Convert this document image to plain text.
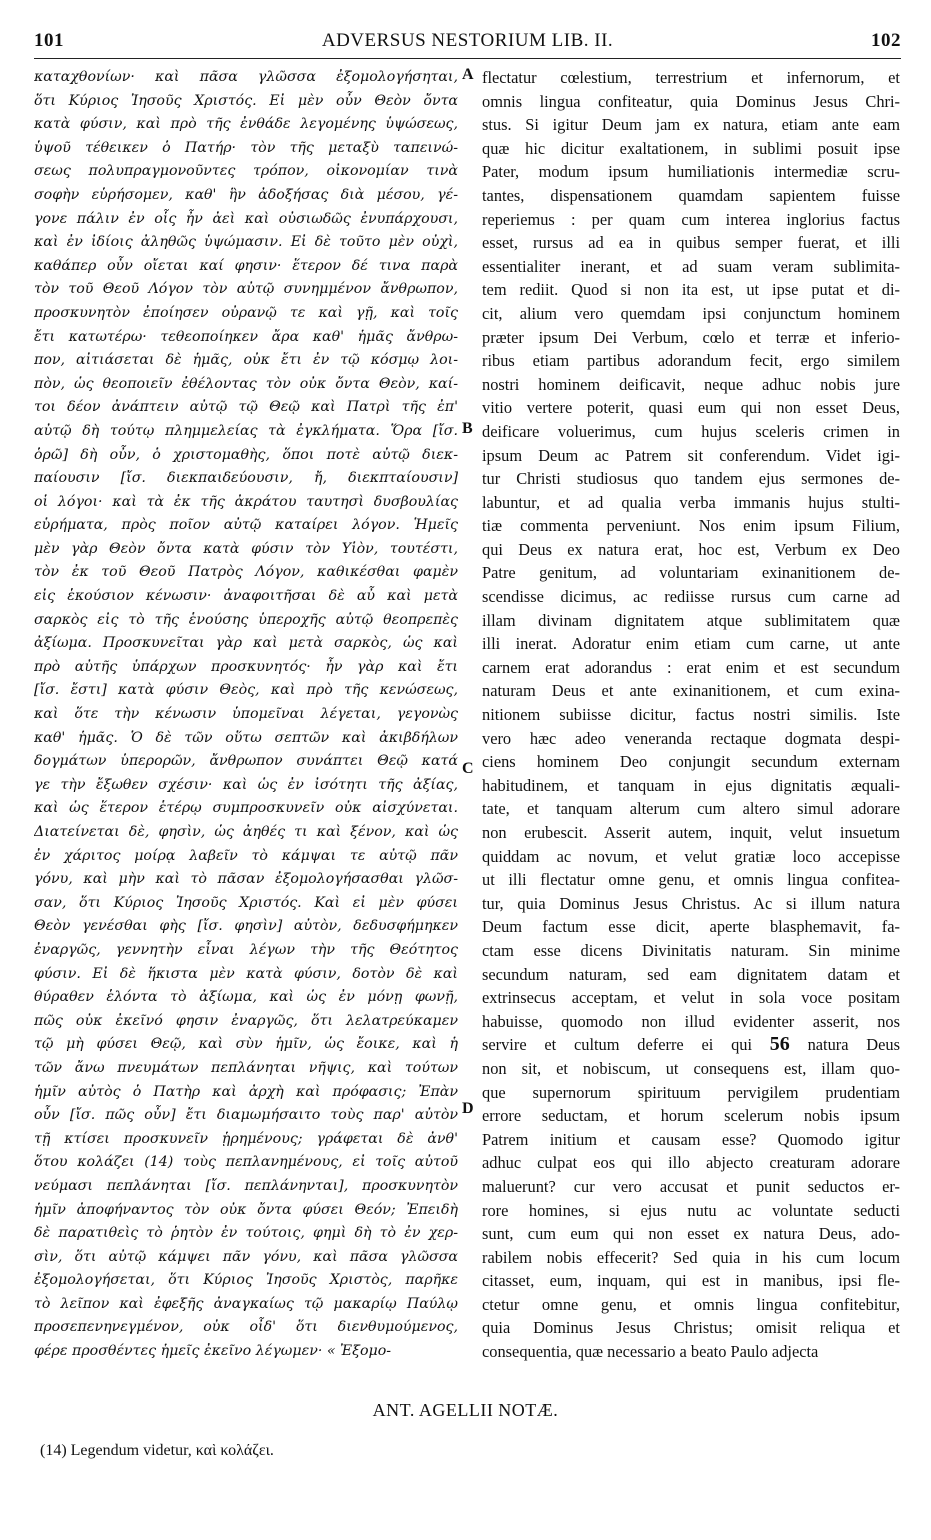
101	ADVERSUS NESTORIUM LIB. II.	102
καταχθονίων· καὶ πᾶσα γλῶσσα ἐξομολογήσηται,
ὅτι Κύριος Ἰησοῦς Χριστός. Εἰ μὲν οὖν Θεὸν ὄντα
κατὰ φύσιν, καὶ πρὸ τῆς ἐνθάδε λεγομένης ὑψώσεως,
ὑψοῦ τέθεικεν ὁ Πατήρ· τὸν τῆς μεταξὺ ταπεινώ-
σεως πολυπραγμονοῦντες τρόπον, οἰκονομίαν τινὰ
σοφὴν εὑρήσομεν, καθ' ἣν ἀδοξήσας διὰ μέσου, γέ-
γονε πάλιν ἐν οἷς ἦν ἀεὶ καὶ οὐσιωδῶς ἐνυπάρχουσι,
καὶ ἐν ἰδίοις ἀληθῶς ὑψώμασιν. Εἰ δὲ τοῦτο μὲν οὐχὶ,
καθάπερ οὖν οἴεται καί φησιν· ἕτερον δέ τινα παρὰ
τὸν τοῦ Θεοῦ Λόγον τὸν αὐτῷ συνημμένον ἄνθρωπον,
προσκυνητὸν ἐποίησεν οὐρανῷ τε καὶ γῇ, καὶ τοῖς
ἔτι κατωτέρω· τεθεοποίηκεν ἄρα καθ' ἡμᾶς ἄνθρω-
πον, αἰτιάσεται δὲ ἡμᾶς, οὐκ ἔτι ἐν τῷ κόσμῳ λοι-
πὸν, ὡς θεοποιεῖν ἐθέλοντας τὸν οὐκ ὄντα Θεὸν, καί-
τοι δέον ἀνάπτειν αὐτῷ τῷ Θεῷ καὶ Πατρὶ τῆς ἐπ'
αὐτῷ δὴ τούτῳ πλημμελείας τὰ ἐγκλήματα. Ὅρα [ἴσ.
ὁρῶ] δὴ οὖν, ὁ χριστομαθὴς, ὅποι ποτὲ αὐτῷ διεκ-
παίουσιν [ἴσ. διεκπαιδεύουσιν, ἤ, διεκπταίουσιν]
οἱ λόγοι· καὶ τὰ ἐκ τῆς ἀκράτου ταυτησὶ δυσβουλίας
εὑρήματα, πρὸς ποῖον αὐτῷ καταίρει λόγον. Ἡμεῖς
μὲν γὰρ Θεὸν ὄντα κατὰ φύσιν τὸν Υἱὸν, τουτέστι,
τὸν ἐκ τοῦ Θεοῦ Πατρὸς Λόγον, καθικέσθαι φαμὲν
εἰς ἑκούσιον κένωσιν· ἀναφοιτῆσαι δὲ αὖ καὶ μετὰ
σαρκὸς εἰς τὸ τῆς ἑνούσης ὑπεροχῆς αὐτῷ θεοπρεπὲς
ἀξίωμα. Προσκυνεῖται γὰρ καὶ μετὰ σαρκὸς, ὡς καὶ
πρὸ αὐτῆς ὑπάρχων προσκυνητός· ἦν γὰρ καὶ ἔτι
[ἴσ. ἔστι] κατὰ φύσιν Θεὸς, καὶ πρὸ τῆς κενώσεως,
καὶ ὅτε τὴν κένωσιν ὑπομεῖναι λέγεται, γεγονὼς
καθ' ἡμᾶς. Ὁ δὲ τῶν οὕτω σεπτῶν καὶ ἀκιβδήλων
δογμάτων ὑπερορῶν, ἄνθρωπον συνάπτει Θεῷ κατά
γε τὴν ἔξωθεν σχέσιν· καὶ ὡς ἐν ἰσότητι τῆς ἀξίας,
καὶ ὡς ἕτερον ἑτέρῳ συμπροσκυνεῖν οὐκ αἰσχύνεται.
Διατείνεται δὲ, φησὶν, ὡς ἀηθές τι καὶ ξένον, καὶ ὡς
ἐν χάριτος μοίρᾳ λαβεῖν τὸ κάμψαι τε αὐτῷ πᾶν
γόνυ, καὶ μὴν καὶ τὸ πᾶσαν ἐξομολογήσασθαι γλῶσ-
σαν, ὅτι Κύριος Ἰησοῦς Χριστός. Καὶ εἰ μὲν φύσει
Θεὸν γενέσθαι φὴς [ἴσ. φησὶν] αὐτὸν, δεδυσφήμηκεν
ἐναργῶς, γεννητὴν εἶναι λέγων τὴν τῆς Θεότητος
φύσιν. Εἰ δὲ ἥκιστα μὲν κατὰ φύσιν, δοτὸν δὲ καὶ
θύραθεν ἑλόντα τὸ ἀξίωμα, καὶ ὡς ἐν μόνῃ φωνῇ,
πῶς οὐκ ἐκεῖνό φησιν ἐναργῶς, ὅτι λελατρεύκαμεν
τῷ μὴ φύσει Θεῷ, καὶ σὺν ἡμῖν, ὡς ἔοικε, καὶ ἡ
τῶν ἄνω πνευμάτων πεπλάνηται νῆψις, καὶ τούτων
ἡμῖν αὐτὸς ὁ Πατὴρ καὶ ἀρχὴ καὶ πρόφασις; Ἐπὰν
οὖν [ἴσ. πῶς οὖν] ἔτι διαμωμήσαιτο τοὺς παρ' αὐτὸν
τῇ κτίσει προσκυνεῖν ᾑρημένους; γράφεται δὲ ἀνθ'
ὅτου κολάζει (14) τοὺς πεπλανημένους, εἰ τοῖς αὐτοῦ
νεύμασι πεπλάνηται [ἴσ. πεπλάνηνται], προσκυνητὸν
ἡμῖν ἀποφήναντος τὸν οὐκ ὄντα φύσει Θεόν; Ἐπειδὴ
δὲ παρατιθεὶς τὸ ῥητὸν ἐν τούτοις, φημὶ δὴ τὸ ἐν χερ-
σὶν, ὅτι αὐτῷ κάμψει πᾶν γόνυ, καὶ πᾶσα γλῶσσα
ἐξομολογήσεται, ὅτι Κύριος Ἰησοῦς Χριστὸς, παρῆκε
τὸ λεῖπον καὶ ἐφεξῆς ἀναγκαίως τῷ μακαρίῳ Παύλῳ
προσεπενηνεγμένον, οὐκ οἶδ' ὅτι διενθυμούμενος,
φέρε προσθέντες ἡμεῖς ἐκεῖνο λέγωμεν· « Ἐξομο-
A
B
C
D
flectatur cœlestium, terrestrium et infernorum, et
omnis lingua confiteatur, quia Dominus Jesus Chri-
stus. Si igitur Deum jam ex natura, etiam ante eam
quæ hic dicitur exaltationem, in sublimi posuit ipse
Pater, modum ipsum humiliationis intermediæ scru-
tantes, dispensationem quamdam sapientem fuisse
reperiemus : per quam cum interea inglorius factus
esset, rursus ad ea in quibus semper fuerat, et illi
essentialiter inerant, et ad suam veram sublimita-
tem rediit. Quod si non ita est, ut ipse putat et di-
cit, alium vero quemdam ipsi conjunctum hominem
præter ipsum Dei Verbum, cœlo et terræ et inferio-
ribus etiam partibus adorandum fecit, ergo similem
nostri hominem deificavit, neque adhuc nobis jure
vitio vertere poterit, quasi eum qui non esset Deus,
deificare voluerimus, cum hujus sceleris crimen in
ipsum Deum ac Patrem sit conferendum. Videt igi-
tur Christi studiosus quo tandem ejus sermones de-
labuntur, et ad qualia verba immanis hujus stulti-
tiæ commenta perveniunt. Nos enim ipsum Filium,
qui Deus ex natura erat, hoc est, Verbum ex Deo
Patre genitum, ad voluntariam exinanitionem de-
scendisse dicimus, ac rediisse rursus cum carne ad
illam divinam dignitatem atque sublimitatem quæ
illi inerat. Adoratur enim etiam cum carne, ut ante
carnem erat adorandus : erat enim et est secundum
naturam Deus et ante exinanitionem, et cum exina-
nitionem subiisse dicitur, factus nostri similis. Iste
vero hæc adeo veneranda rectaque dogmata despi-
ciens hominem Deo conjungit secundum externam
habitudinem, et tanquam in ejus dignitatis æquali-
tate, et tanquam alterum cum altero simul adorare
non erubescit. Asserit autem, inquit, velut insuetum
quiddam ac novum, et velut gratiæ loco accepisse
ut illi flectatur omne genu, et omnis lingua confitea-
tur, quia Dominus Jesus Christus. Ac si illum natura
Deum factum esse dicit, aperte blasphemavit, fa-
ctam esse dicens Divinitatis naturam. Sin minime
secundum naturam, sed eam dignitatem datam et
extrinsecus acceptam, et velut in sola voce positam
habuisse, quomodo non illud evidenter asserit, nos
servire et cultum deferre ei qui 56 natura Deus
non sit, et nobiscum, ut consequens est, illam quo-
que supernorum spirituum pervigilem prudentiam
errore seductam, et horum scelerum nobis ipsum
Patrem initium et causam esse? Quomodo igitur
adhuc culpat eos qui illo abjecto creaturam adorare
maluerunt? cur vero accusat et punit seductos er-
rore homines, si ejus nutu ac voluntate seducti
sunt, cum eum qui non esset ex natura Deus, ado-
rabilem nobis effecerit? Sed quia in his cum locum
citasset, eum, inquam, qui est in manibus, ipsi fle-
ctetur omne genu, et omnis lingua confitebitur,
quia Dominus Jesus Christus; omisit reliqua et
consequentia, quæ necessario a beato Paulo adjecta
ANT. AGELLII NOTÆ.
(14) Legendum videtur, καὶ κολάζει.
